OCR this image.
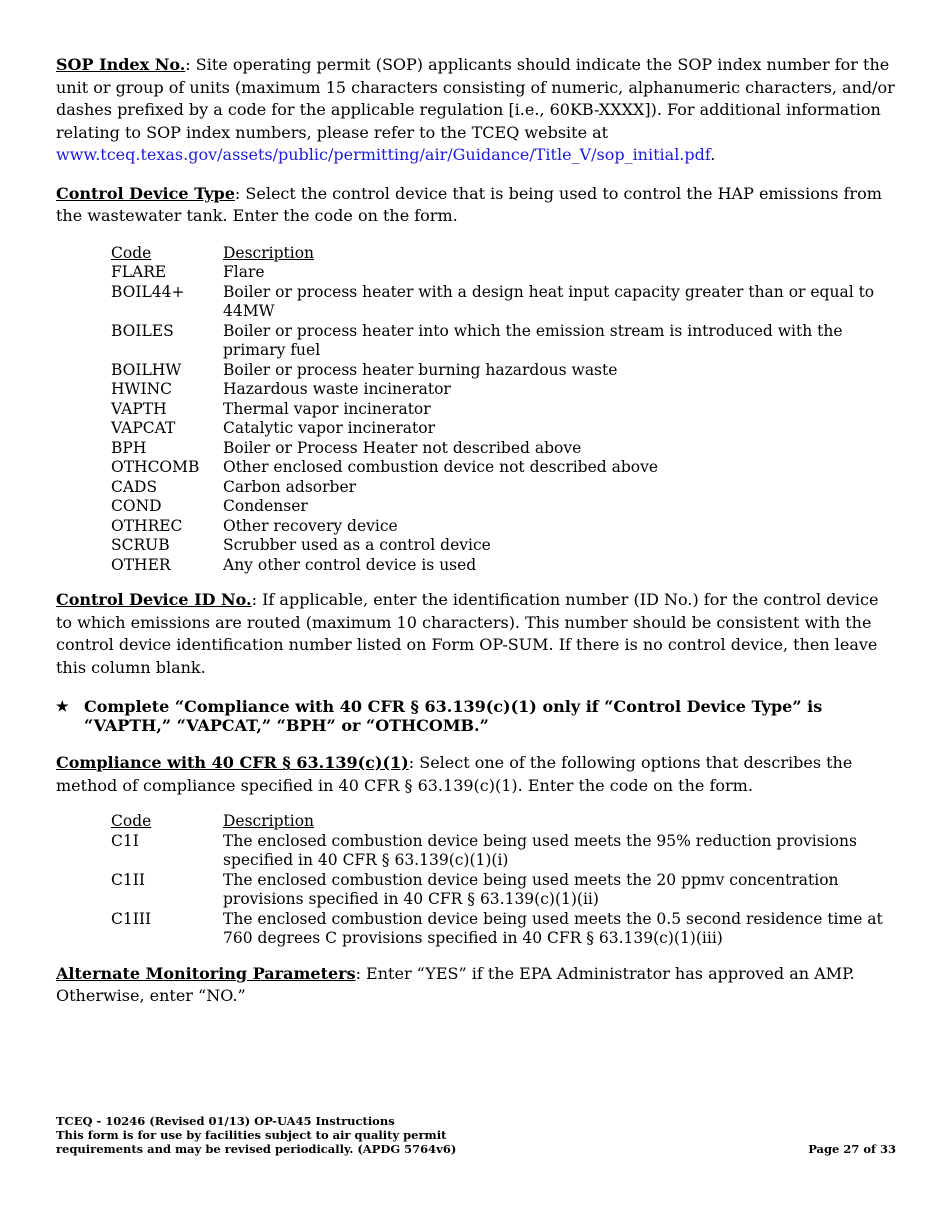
SOP Index No.: Site operating permit (SOP) applicants should indicate the SOP index number for the unit or group of units (maximum 15 characters consisting of numeric, alphanumeric characters, and/or dashes prefixed by a code for the applicable regulation [i.e., 60KB-XXXX]). For additional information relating to SOP index numbers, please refer to the TCEQ website at www.tceq.texas.gov/assets/public/permitting/air/Guidance/Title_V/sop_initial.pdf.

Control Device Type: Select the control device that is being used to control the HAP emissions from the wastewater tank. Enter the code on the form.

Code	Description
FLARE	Flare
BOIL44+	Boiler or process heater with a design heat input capacity greater than or equal to 44MW
BOILES	Boiler or process heater into which the emission stream is introduced with the primary fuel
BOILHW	Boiler or process heater burning hazardous waste
HWINC	Hazardous waste incinerator
VAPTH	Thermal vapor incinerator
VAPCAT	Catalytic vapor incinerator
BPH	Boiler or Process Heater not described above
OTHCOMB	Other enclosed combustion device not described above
CADS	Carbon adsorber
COND	Condenser
OTHREC	Other recovery device
SCRUB	Scrubber used as a control device
OTHER	Any other control device is used

Control Device ID No.: If applicable, enter the identification number (ID No.) for the control device to which emissions are routed (maximum 10 characters). This number should be consistent with the control device identification number listed on Form OP-SUM. If there is no control device, then leave this column blank.

★ Complete “Compliance with 40 CFR § 63.139(c)(1) only if “Control Device Type” is “VAPTH,” “VAPCAT,” “BPH” or “OTHCOMB.”

Compliance with 40 CFR § 63.139(c)(1): Select one of the following options that describes the method of compliance specified in 40 CFR § 63.139(c)(1). Enter the code on the form.

Code	Description
C1I	The enclosed combustion device being used meets the 95% reduction provisions specified in 40 CFR § 63.139(c)(1)(i)
C1II	The enclosed combustion device being used meets the 20 ppmv concentration provisions specified in 40 CFR § 63.139(c)(1)(ii)
C1III	The enclosed combustion device being used meets the 0.5 second residence time at 760 degrees C provisions specified in 40 CFR § 63.139(c)(1)(iii)

Alternate Monitoring Parameters: Enter “YES” if the EPA Administrator has approved an AMP. Otherwise, enter “NO.”

TCEQ - 10246 (Revised 01/13) OP-UA45 Instructions
This form is for use by facilities subject to air quality permit
requirements and may be revised periodically. (APDG 5764v6)	Page 27 of 33
